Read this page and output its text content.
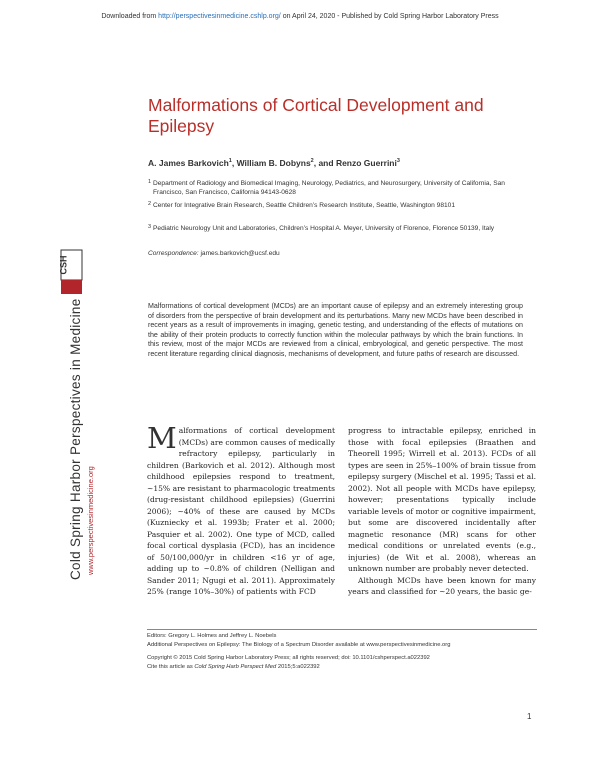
Downloaded from http://perspectivesinmedicine.cshlp.org/ on April 24, 2020 - Published by Cold Spring Harbor Laboratory Press
Cold Spring Harbor Perspectives in Medicine www.perspectivesinmedicine.org
CSH
Malformations of Cortical Development and Epilepsy
A. James Barkovich$^1$, William B. Dobyns$^2$, and Renzo Guerrini$^3$
1 Department of Radiology and Biomedical Imaging, Neurology, Pediatrics, and Neurosurgery, University of California, San Francisco, San Francisco, California 94143-0628
2 Center for Integrative Brain Research, Seattle Children’s Research Institute, Seattle, Washington 98101
3 Pediatric Neurology Unit and Laboratories, Children’s Hospital A. Meyer, University of Florence, Florence 50139, Italy
Correspondence: james.barkovich@ucsf.edu
Malformations of cortical development (MCDs) are an important cause of epilepsy and an extremely interesting group of disorders from the perspective of brain development and its perturbations. Many new MCDs have been described in recent years as a result of improvements in imaging, genetic testing, and understanding of the effects of mutations on the ability of their protein products to correctly function within the molecular pathways by which the brain functions. In this review, most of the major MCDs are reviewed from a clinical, embryological, and genetic perspective. The most recent literature regarding clinical diagnosis, mechanisms of development, and future paths of research are discussed.

Malformations of cortical development (MCDs) are common causes of medically refractory epilepsy, particularly in children (Barkovich et al. 2012). Although most childhood epilepsies respond to treatment, ~15% are resistant to pharmacologic treatments (drug-resistant childhood epilepsies) (Guerrini 2006); ~40% of these are caused by MCDs (Kuzniecky et al. 1993b; Frater et al. 2000; Pasquier et al. 2002). One type of MCD, called focal cortical dysplasia (FCD), has an incidence of 50/100,000/yr in children <16 yr of age, adding up to ~0.8% of children (Nelligan and Sander 2011; Ngugi et al. 2011). Approximately 25% (range 10%–30%) of patients with FCD

progress to intractable epilepsy, enriched in those with focal epilepsies (Braathen and Theorell 1995; Wirrell et al. 2013). FCDs of all types are seen in 25%–100% of brain tissue from epilepsy surgery (Mischel et al. 1995; Tassi et al. 2002). Not all people with MCDs have epilepsy, however; presentations typically include variable levels of motor or cognitive impairment, but some are discovered incidentally after magnetic resonance (MR) scans for other medical conditions or unrelated events (e.g., injuries) (de Wit et al. 2008), whereas an unknown number are probably never detected.

Although MCDs have been known for many years and classified for ~20 years, the basic ge-

Editors: Gregory L. Holmes and Jeffrey L. Noebels
Additional Perspectives on Epilepsy: The Biology of a Spectrum Disorder available at www.perspectivesinmedicine.org
Copyright © 2015 Cold Spring Harbor Laboratory Press; all rights reserved; doi: 10.1101/cshperspect.a022392
Cite this article as Cold Spring Harb Perspect Med 2015;5:a022392
1
